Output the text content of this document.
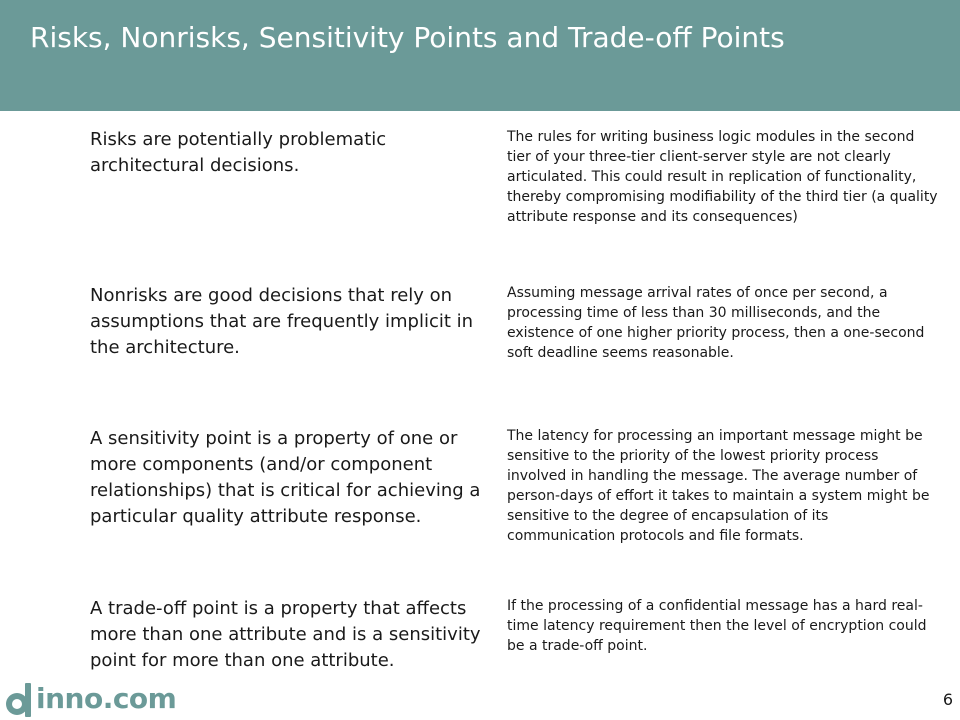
Risks, Nonrisks, Sensitivity Points and Trade-off Points

Risks are potentially problematic architectural decisions.

The rules for writing business logic modules in the second tier of your three-tier client-server style are not clearly articulated. This could result in replication of functionality, thereby compromising modifiability of the third tier (a quality attribute response and its consequences)

Nonrisks are good decisions that rely on assumptions that are frequently implicit in the architecture.

Assuming message arrival rates of once per second, a processing time of less than 30 milliseconds, and the existence of one higher priority process, then a one-second soft deadline seems reasonable.

A sensitivity point is a property of one or more components (and/or component relationships) that is critical for achieving a particular quality attribute response.

The latency for processing an important message might be sensitive to the priority of the lowest priority process involved in handling the message. The average number of person-days of effort it takes to maintain a system might be sensitive to the degree of encapsulation of its communication protocols and file formats.

A trade-off point is a property that affects more than one attribute and is a sensitivity point for more than one attribute.

If the processing of a confidential message has a hard real-time latency requirement then the level of encryption could be a trade-off point.

inno.com	6
